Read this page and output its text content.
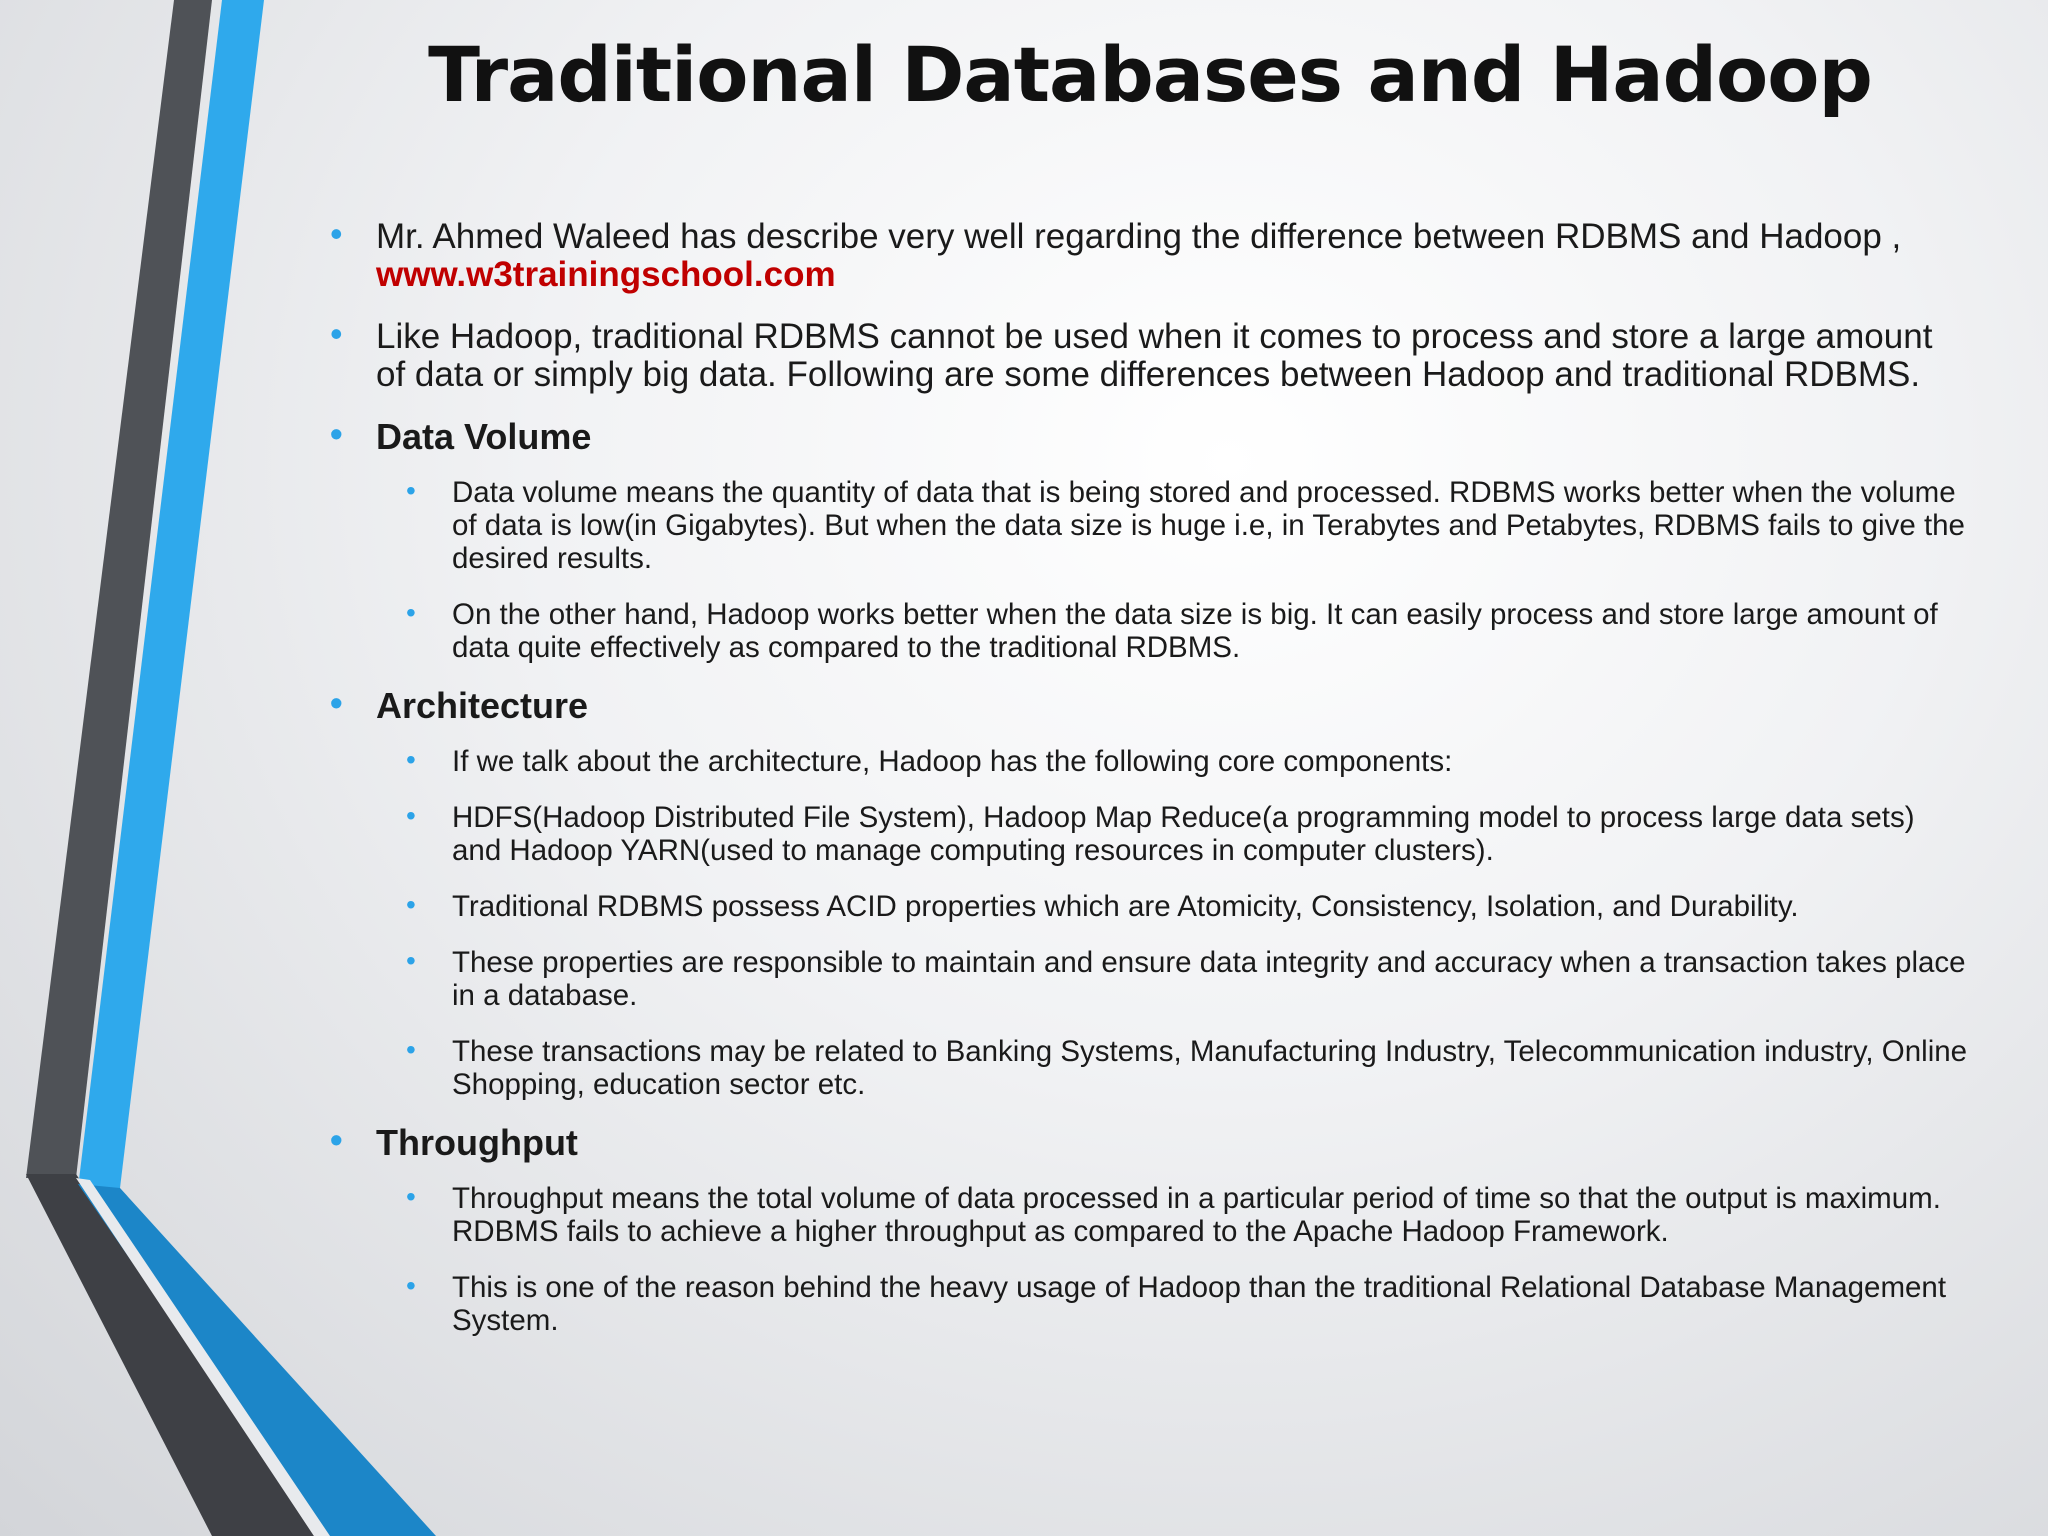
Traditional Databases and Hadoop
• Mr. Ahmed Waleed has describe very well regarding the difference between RDBMS and Hadoop , www.w3trainingschool.com
• Like Hadoop, traditional RDBMS cannot be used when it comes to process and store a large amount of data or simply big data. Following are some differences between Hadoop and traditional RDBMS.
• Data Volume
• Data volume means the quantity of data that is being stored and processed. RDBMS works better when the volume of data is low(in Gigabytes). But when the data size is huge i.e, in Terabytes and Petabytes, RDBMS fails to give the desired results.
• On the other hand, Hadoop works better when the data size is big. It can easily process and store large amount of data quite effectively as compared to the traditional RDBMS.
• Architecture
• If we talk about the architecture, Hadoop has the following core components:
• HDFS(Hadoop Distributed File System), Hadoop Map Reduce(a programming model to process large data sets) and Hadoop YARN(used to manage computing resources in computer clusters).
• Traditional RDBMS possess ACID properties which are Atomicity, Consistency, Isolation, and Durability.
• These properties are responsible to maintain and ensure data integrity and accuracy when a transaction takes place in a database.
• These transactions may be related to Banking Systems, Manufacturing Industry, Telecommunication industry, Online Shopping, education sector etc.
• Throughput
• Throughput means the total volume of data processed in a particular period of time so that the output is maximum. RDBMS fails to achieve a higher throughput as compared to the Apache Hadoop Framework.
• This is one of the reason behind the heavy usage of Hadoop than the traditional Relational Database Management System.
